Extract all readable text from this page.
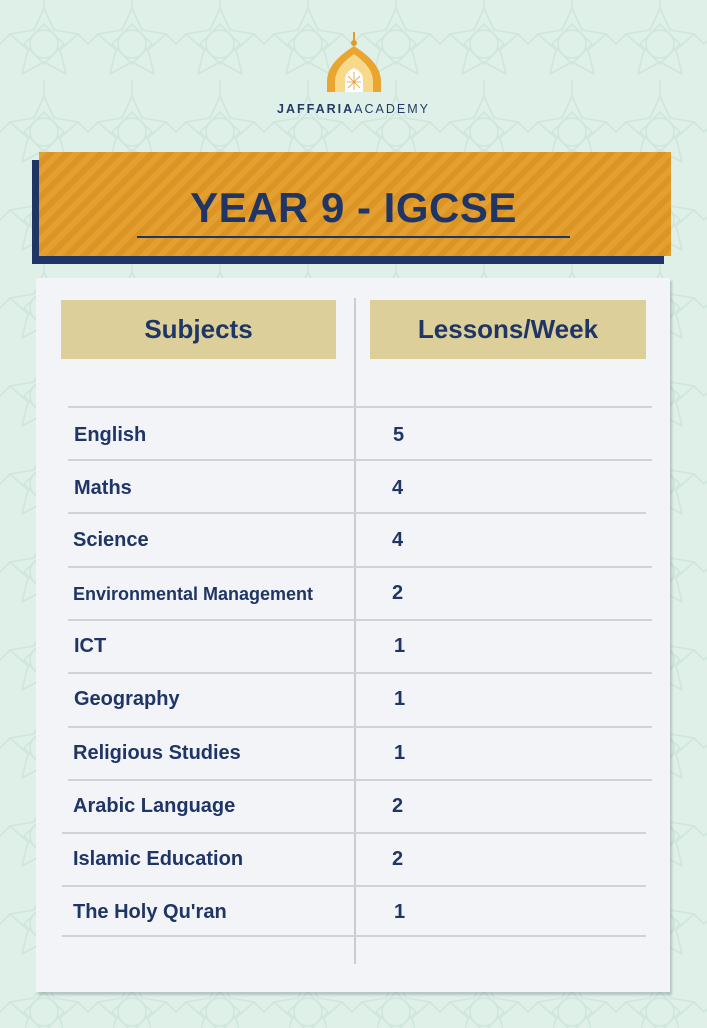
JAFFARIAACADEMY
YEAR 9 - IGCSE
Subjects	Lessons/Week
English	5
Maths	4
Science	4
Environmental Management	2
ICT	1
Geography	1
Religious Studies	1
Arabic Language	2
Islamic Education	2
The Holy Qu'ran	1
